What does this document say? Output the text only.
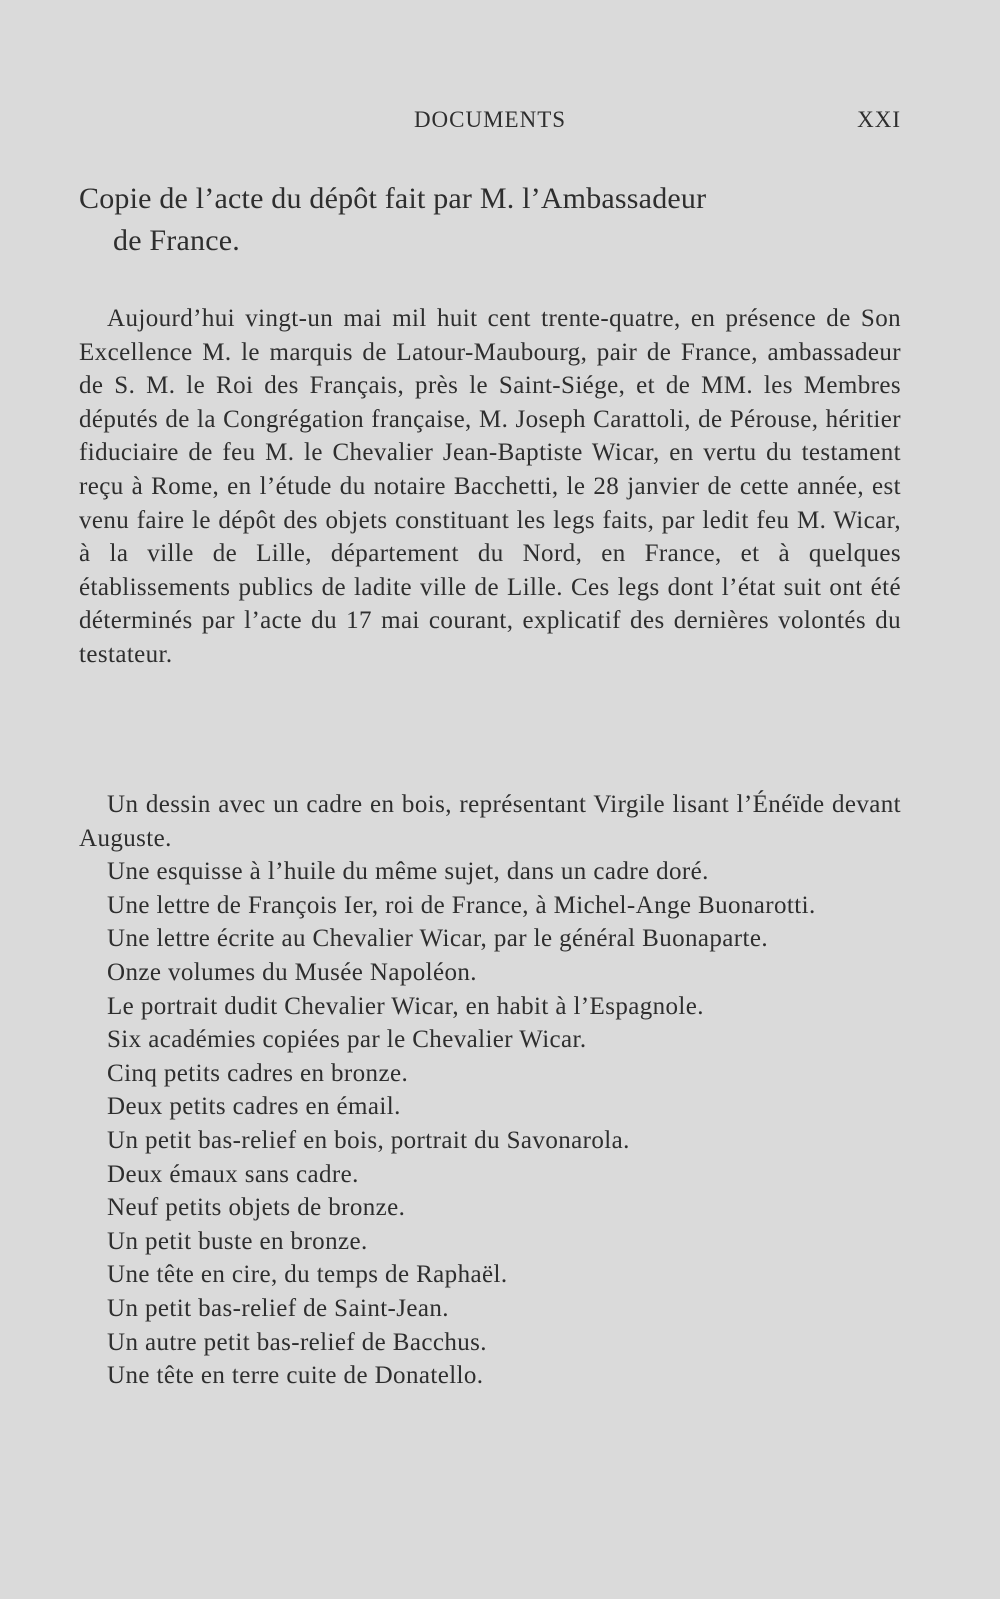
DOCUMENTS	XXI
Copie de l’acte du dépôt fait par M. l’Ambassadeur
de France.
Aujourd’hui vingt-un mai mil huit cent trente-quatre, en présence de Son Excellence M. le marquis de Latour-Maubourg, pair de France, ambassadeur de S. M. le Roi des Français, près le Saint-Siége, et de MM. les Membres députés de la Congrégation française, M. Joseph Carattoli, de Pérouse, héritier fiduciaire de feu M. le Chevalier Jean-Baptiste Wicar, en vertu du testament reçu à Rome, en l’étude du notaire Bacchetti, le 28 janvier de cette année, est venu faire le dépôt des objets constituant les legs faits, par ledit feu M. Wicar, à la ville de Lille, département du Nord, en France, et à quelques établissements publics de ladite ville de Lille. Ces legs dont l’état suit ont été déterminés par l’acte du 17 mai courant, explicatif des dernières volontés du testateur.
Un dessin avec un cadre en bois, représentant Virgile lisant l’Énéïde devant Auguste.
Une esquisse à l’huile du même sujet, dans un cadre doré.
Une lettre de François Ier, roi de France, à Michel-Ange Buonarotti.
Une lettre écrite au Chevalier Wicar, par le général Buonaparte.
Onze volumes du Musée Napoléon.
Le portrait dudit Chevalier Wicar, en habit à l’Espagnole.
Six académies copiées par le Chevalier Wicar.
Cinq petits cadres en bronze.
Deux petits cadres en émail.
Un petit bas-relief en bois, portrait du Savonarola.
Deux émaux sans cadre.
Neuf petits objets de bronze.
Un petit buste en bronze.
Une tête en cire, du temps de Raphaël.
Un petit bas-relief de Saint-Jean.
Un autre petit bas-relief de Bacchus.
Une tête en terre cuite de Donatello.
